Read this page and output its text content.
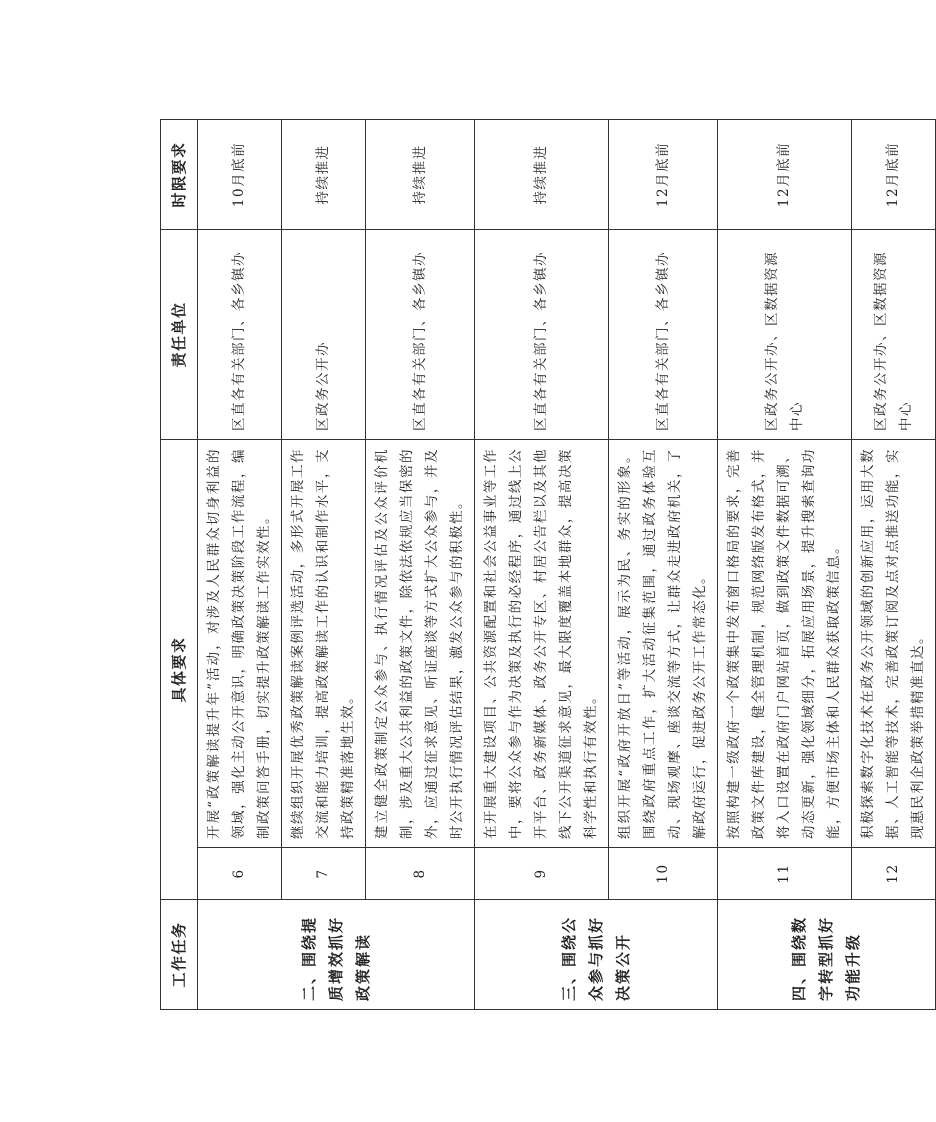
工作任务	具体要求		责任单位	时限要求
二、围绕提质增效抓好政策解读	6	开展“政策解读提升年”活动，对涉及人民群众切身利益的领域，强化主动公开意识，明确政策决策阶段工作流程，编制政策问答手册，切实提升政策解读工作实效性。	区直各有关部门、各乡镇办	10月底前
	7	继续组织开展优秀政策解读案例评选活动，多形式开展工作交流和能力培训，提高政策解读工作的认识和制作水平，支持政策精准落地生效。	区政务公开办	持续推进
	8	建立健全政策制定公众参与、执行情况评估及公众评价机制，涉及重大公共利益的政策文件，除依法依规应当保密的外，应通过征求意见、听证座谈等方式扩大公众参与，并及时公开执行情况评估结果，激发公众参与的积极性。	区直各有关部门、各乡镇办	持续推进
三、围绕公众参与抓好决策公开	9	在开展重大建设项目、公共资源配置和社会公益事业等工作中，要将公众参与作为决策及执行的必经程序，通过线上公开平台、政务新媒体、政务公开专区、村居公告栏以及其他线下公开渠道征求意见，最大限度覆盖本地群众，提高决策科学性和执行有效性。	区直各有关部门、各乡镇办	持续推进
	10	组织开展“政府开放日”等活动，展示为民、务实的形象。围绕政府重点工作，扩大活动征集范围，通过政务体验互动、现场观摩、座谈交流等方式，让群众走进政府机关，了解政府运行，促进政务公开工作常态化。	区直各有关部门、各乡镇办	12月底前
四、围绕数字转型抓好功能升级	11	按照构建一级政府一个政策集中发布窗口格局的要求，完善政策文件库建设，健全管理机制，规范网络版发布格式，并将入口设置在政府门户网站首页，做到政策文件数据可溯、动态更新，强化领域细分，拓展应用场景，提升搜索查询功能，方便市场主体和人民群众获取政策信息。	区政务公开办、区数据资源中心	12月底前
	12	积极探索数字化技术在政务公开领域的创新应用，运用大数据、人工智能等技术，完善政策订阅及点对点推送功能，实现惠民利企政策举措精准直达。	区政务公开办、区数据资源中心	12月底前
